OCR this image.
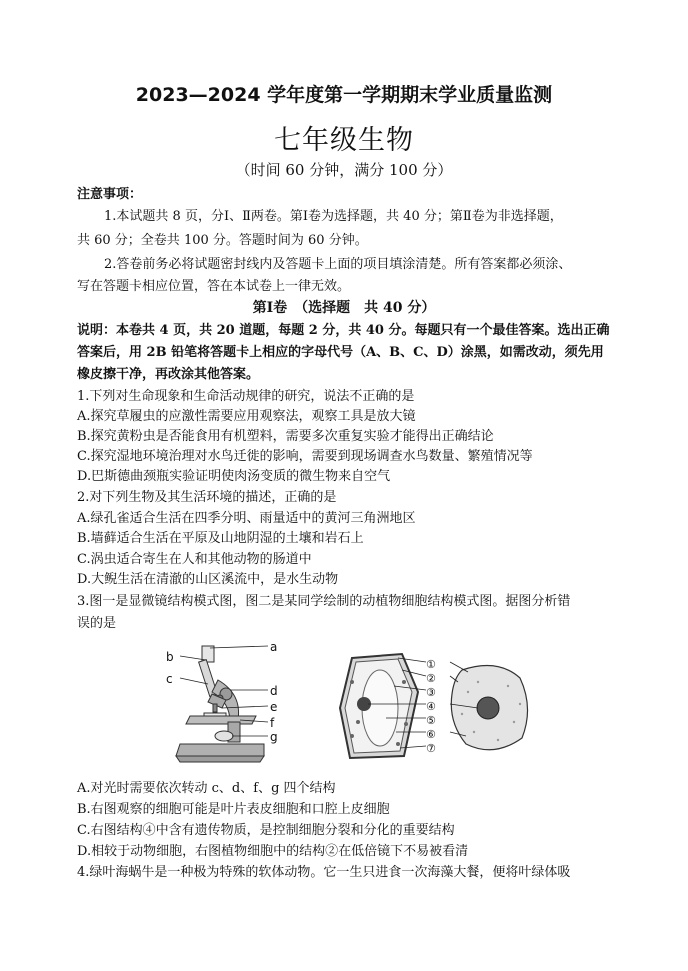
2023—2024 学年度第一学期期末学业质量监测
七年级生物
（时间 60 分钟，满分 100 分）
注意事项：
1.本试题共 8 页，分Ⅰ、Ⅱ两卷。第Ⅰ卷为选择题，共 40 分；第Ⅱ卷为非选择题，
共 60 分；全卷共 100 分。答题时间为 60 分钟。
2.答卷前务必将试题密封线内及答题卡上面的项目填涂清楚。所有答案都必须涂、
写在答题卡相应位置，答在本试卷上一律无效。
第Ⅰ卷　（选择题　共 40 分）
说明：本卷共 4 页，共 20 道题，每题 2 分，共 40 分。每题只有一个最佳答案。选出正确
答案后，用 2B 铅笔将答题卡上相应的字母代号（A、B、C、D）涂黑，如需改动，须先用
橡皮擦干净，再改涂其他答案。
1.下列对生命现象和生命活动规律的研究，说法不正确的是
A.探究草履虫的应激性需要应用观察法，观察工具是放大镜
B.探究黄粉虫是否能食用有机塑料，需要多次重复实验才能得出正确结论
C.探究湿地环境治理对水鸟迁徙的影响，需要到现场调查水鸟数量、繁殖情况等
D.巴斯德曲颈瓶实验证明使肉汤变质的微生物来自空气
2.对下列生物及其生活环境的描述，正确的是
A.绿孔雀适合生活在四季分明、雨量适中的黄河三角洲地区
B.墙藓适合生活在平原及山地阴湿的土壤和岩石上
C.涡虫适合寄生在人和其他动物的肠道中
D.大鲵生活在清澈的山区溪流中，是水生动物
3.图一是显微镜结构模式图，图二是某同学绘制的动植物细胞结构模式图。据图分析错
误的是
a
b
c
d
e
f
g
①
②
③
④
⑤
⑥
⑦
A.对光时需要依次转动 c、d、f、g 四个结构
B.右图观察的细胞可能是叶片表皮细胞和口腔上皮细胞
C.右图结构④中含有遗传物质，是控制细胞分裂和分化的重要结构
D.相较于动物细胞，右图植物细胞中的结构②在低倍镜下不易被看清
4.绿叶海蜗牛是一种极为特殊的软体动物。它一生只进食一次海藻大餐，便将叶绿体吸
